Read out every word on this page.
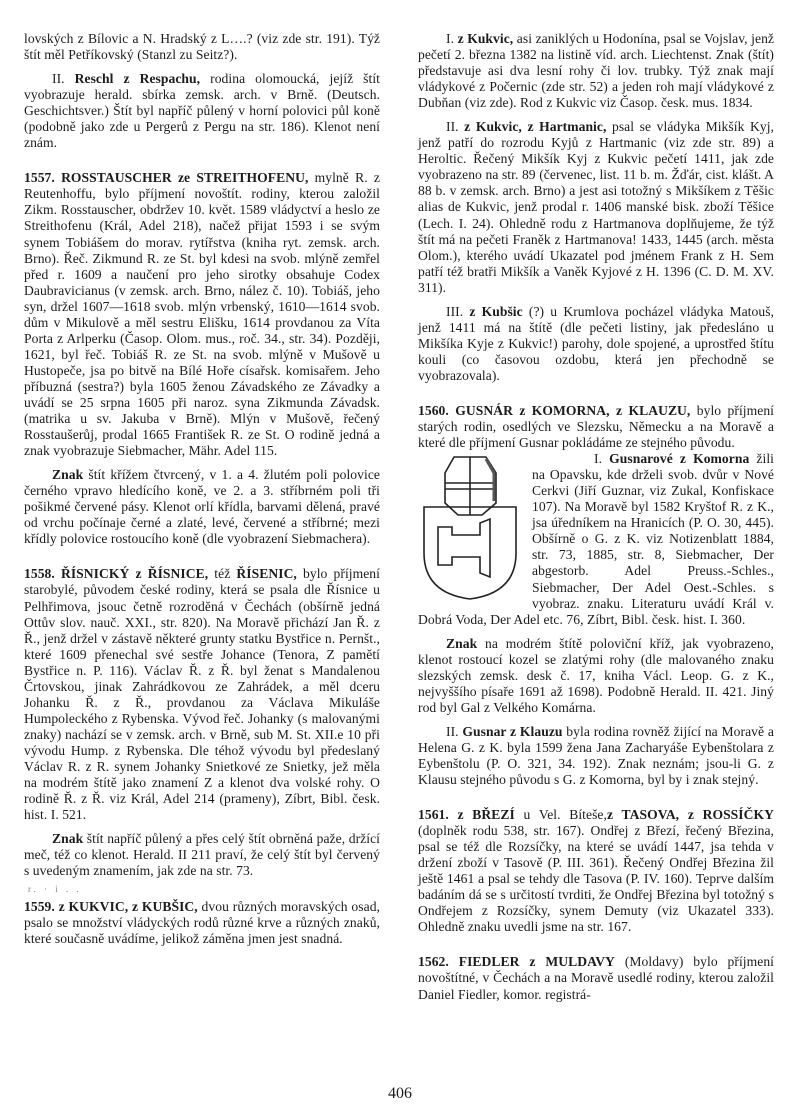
lovských z Bílovic a N. Hradský z L….? (viz zde str. 191). Týž štít měl Petříkovský (Stanzl zu Seitz?).

II. Reschl z Respachu, rodina olomoucká, jejíž štít vyobrazuje herald. sbírka zemsk. arch. v Brně. (Deutsch. Geschichtsver.) Štít byl napříč půlený v horní polovici půl koně (podobně jako zde u Pergerů z Pergu na str. 186). Klenot není znám.

1557. ROSSTAUSCHER ze STREITHOFENU, mylně R. z Reutenhoffu, bylo příjmení novoštít. rodiny, kterou založil Zikm. Rosstauscher, obdržev 10. květ. 1589 vládyctví a heslo ze Streithofenu (Král, Adel 218), načež přijat 1593 i se svým synem Tobiášem do morav. rytířstva (kniha ryt. zemsk. arch. Brno). Řeč. Zikmund R. ze St. byl kdesi na svob. mlýně zemřel před r. 1609 a naučení pro jeho sirotky obsahuje Codex Daubravicianus (v zemsk. arch. Brno, nález č. 10). Tobiáš, jeho syn, držel 1607—1618 svob. mlýn vrbenský, 1610—1614 svob. dům v Mikulově a měl sestru Elišku, 1614 provdanou za Víta Porta z Arlperku (Časop. Olom. mus., roč. 34., str. 34). Později, 1621, byl řeč. Tobiáš R. ze St. na svob. mlýně v Mušově u Hustopeče, jsa po bitvě na Bílé Hoře císařsk. komisařem. Jeho příbuzná (sestra?) byla 1605 ženou Závadského ze Závadky a uvádí se 25 srpna 1605 při naroz. syna Zikmunda Závadsk. (matrika u sv. Jakuba v Brně). Mlýn v Mušově, řečený Rosstaušerůj, prodal 1665 František R. ze St. O rodině jedná a znak vyobrazuje Siebmacher, Mähr. Adel 115.

Znak štít křížem čtvrcený, v 1. a 4. žlutém poli polovice černého vpravo hledícího koně, ve 2. a 3. stříbrném poli tři pošikmé červené pásy. Klenot orlí křídla, barvami dělená, pravé od vrchu počínaje černé a zlaté, levé, červené a stříbrné; mezi křídly polovice rostoucího koně (dle vyobrazení Siebmachera).

1558. ŘÍSNICKÝ z ŘÍSNICE, též ŘÍSENIC, bylo příjmení starobylé, původem české rodiny, která se psala dle Řísnice u Pelhřimova, jsouc četně rozrodĕná v Čechách (obšírně jedná Ottův slov. nauč. XXI., str. 820). Na Moravě přichází Jan Ř. z Ř., jenž držel v zástavě některé grunty statku Bystřice n. Pernšt., které 1609 přenechal své sestře Johance (Tenora, Z pamětí Bystřice n. P. 116). Václav Ř. z Ř. byl ženat s Mandalenou Črtovskou, jinak Zahrádkovou ze Zahrádek, a měl dceru Johanku Ř. z Ř., provdanou za Václava Mikuláše Humpoleckého z Rybenska. Vývod řeč. Johanky (s malovanými znaky) nachází se v zemsk. arch. v Brně, sub M. St. XII.e 10 při vývodu Hump. z Rybenska. Dle téhož vývodu byl předeslaný Václav R. z R. synem Johanky Snietkové ze Snietky, jež měla na modrém štítě jako znamení Z a klenot dva volské rohy. O rodině Ř. z Ř. viz Král, Adel 214 (prameny), Zíbrt, Bibl. česk. hist. I. 521.

Znak štít napříč půlený a přes celý štít obrněná paže, držící meč, též co klenot. Herald. II 211 praví, že celý štít byl červený s uvedeným znamením, jak zde na str. 73.

r. · i . .

1559. z KUKVIC, z KUBŠIC, dvou různých moravských osad, psalo se množství vládyckých rodů různé krve a různých znaků, které současně uvádíme, jelikož záměna jmen jest snadná.

I. z Kukvic, asi zaniklých u Hodonína, psal se Vojslav, jenž pečetí 2. března 1382 na listině víd. arch. Liechtenst. Znak (štít) představuje asi dva lesní rohy či lov. trubky. Týž znak mají vládykové z Počernic (zde str. 52) a jeden roh mají vládykové z Dubňan (viz zde). Rod z Kukvic viz Časop. česk. mus. 1834.

II. z Kukvic, z Hartmanic, psal se vládyka Mikšík Kyj, jenž patří do rozrodu Kyjů z Hartmanic (viz zde str. 89) a Heroltic. Řečený Mikšík Kyj z Kukvic pečetí 1411, jak zde vyobrazeno na str. 89 (červenec, list. 11 b. m. Žďár, cist. klášt. A 88 b. v zemsk. arch. Brno) a jest asi totožný s Mikšíkem z Těšic alias de Kukvic, jenž prodal r. 1406 manské bisk. zboží Těšice (Lech. I. 24). Ohledně rodu z Hartmanova doplňujeme, že týž štít má na pečeti Franěk z Hartmanova! 1433, 1445 (arch. města Olom.), kterého uvádí Ukazatel pod jménem Frank z H. Sem patří též bratři Mikšík a Vaněk Kyjové z H. 1396 (C. D. M. XV. 311).

III. z Kubšic (?) u Krumlova pocházel vládyka Matouš, jenž 1411 má na štítě (dle pečeti listiny, jak předesláno u Mikšíka Kyje z Kukvic!) parohy, dole spojené, a uprostřed štítu kouli (co časovou ozdobu, která jen přechodně se vyobrazovala).

1560. GUSNÁR z KOMORNA, z KLAUZU, bylo příjmení starých rodin, osedlých ve Slezsku, Německu a na Moravě a které dle příjmení Gusnar pokládáme ze stejného původu.

I. Gusnarové z Komorna žili na Opavsku, kde drželi svob. dvůr v Nové Cerkvi (Jiří Guznar, viz Zukal, Konfiskace 107). Na Moravě byl 1582 Kryštof R. z K., jsa úředníkem na Hranicích (P. O. 30, 445). Obšírně o G. z K. viz Notizenblatt 1884, str. 73, 1885, str. 8, Siebmacher, Der abgestorb. Adel Preuss.-Schles., Siebmacher, Der Adel Oest.-Schles. s vyobraz. znaku. Literaturu uvádí Král v. Dobrá Voda, Der Adel etc. 76, Zíbrt, Bibl. česk. hist. I. 360.

Znak na modrém štítě poloviční kříž, jak vyobrazeno, klenot rostoucí kozel se zlatými rohy (dle malovaného znaku slezských zemsk. desk č. 17, kniha Václ. Leop. G. z K., nejvyššího písaře 1691 až 1698). Podobně Herald. II. 421. Jiný rod byl Gal z Velkého Komárna.

II. Gusnar z Klauzu byla rodina rovněž žijící na Moravě a Helena G. z K. byla 1599 žena Jana Zacharyáše Eybenštolara z Eybenštolu (P. O. 321, 34. 192). Znak neznám; jsou-li G. z Klausu stejného původu s G. z Komorna, byl by i znak stejný.

1561. z BŘEZÍ u Vel. Bíteše,z TASOVA, z ROSSÍČKY (doplněk rodu 538, str. 167). Ondřej z Březí, řečený Březina, psal se též dle Rozsíčky, na které se uvádí 1447, jsa tehda v držení zboží v Tasově (P. III. 361). Řečený Ondřej Březina žil ještě 1461 a psal se tehdy dle Tasova (P. IV. 160). Teprve dalším badáním dá se s určitostí tvrditi, že Ondřej Březina byl totožný s Ondřejem z Rozsíčky, synem Demuty (viz Ukazatel 333). Ohledně znaku uvedli jsme na str. 167.

1562. FIEDLER z MULDAVY (Moldavy) bylo příjmení novoštítné, v Čechách a na Moravě usedlé rodiny, kterou založil Daniel Fiedler, komor. registrá-

406
